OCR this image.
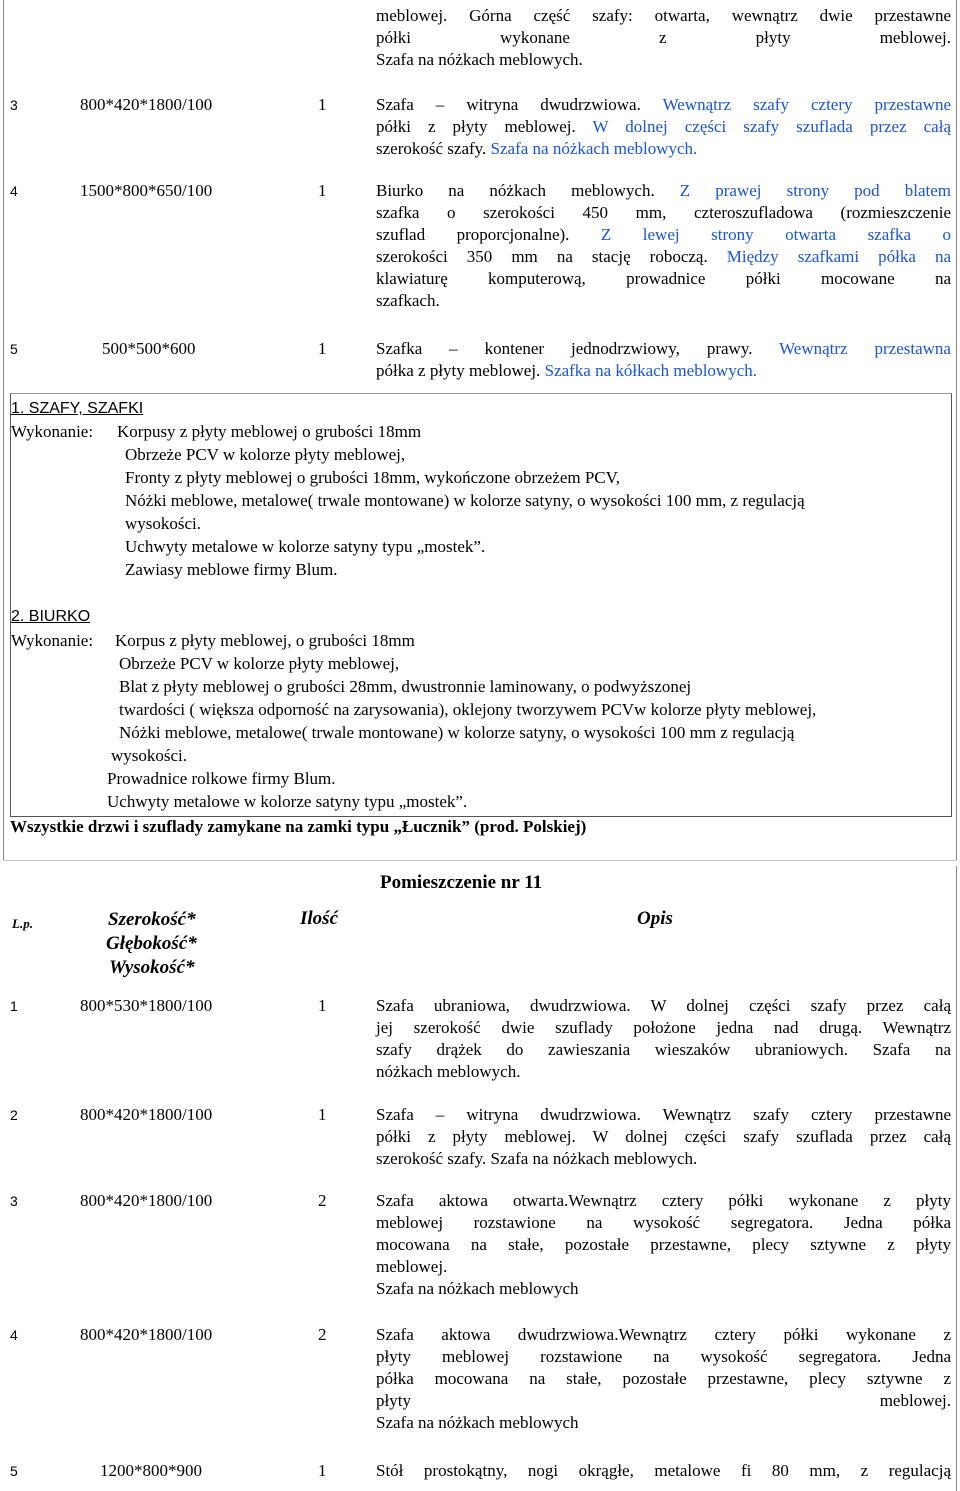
meblowej. Górna część szafy: otwarta, wewnątrz dwie przestawne
półki wykonane z płyty meblowej.
Szafa na nóżkach meblowych.
3	800*420*1800/100	1	Szafa – witryna dwudrzwiowa. Wewnątrz szafy cztery przestawne
półki z płyty meblowej. W dolnej części szafy szuflada przez całą
szerokość szafy. Szafa na nóżkach meblowych.
4	1500*800*650/100	1	Biurko na nóżkach meblowych. Z prawej strony pod blatem
szafka o szerokości 450 mm, czteroszufladowa (rozmieszczenie
szuflad proporcjonalne). Z lewej strony otwarta szafka o
szerokości 350 mm na stację roboczą. Między szafkami półka na
klawiaturę komputerową, prowadnice półki mocowane na
szafkach.
5	500*500*600	1	Szafka – kontener jednodrzwiowy, prawy. Wewnątrz przestawna
półka z płyty meblowej. Szafka na kółkach meblowych.
1. SZAFY, SZAFKI
Wykonanie: Korpusy z płyty meblowej o grubości 18mm
Obrzeże PCV w kolorze płyty meblowej,
Fronty z płyty meblowej o grubości 18mm, wykończone obrzeżem PCV,
Nóżki meblowe, metalowe( trwale montowane) w kolorze satyny, o wysokości 100 mm, z regulacją
wysokości.
Uchwyty metalowe w kolorze satyny typu „mostek”.
Zawiasy meblowe firmy Blum.
2. BIURKO
Wykonanie: Korpus z płyty meblowej, o grubości 18mm
Obrzeże PCV w kolorze płyty meblowej,
Blat z płyty meblowej o grubości 28mm, dwustronnie laminowany, o podwyższonej
twardości ( większa odporność na zarysowania), oklejony tworzywem PCVw kolorze płyty meblowej,
Nóżki meblowe, metalowe( trwale montowane) w kolorze satyny, o wysokości 100 mm z regulacją
wysokości.
Prowadnice rolkowe firmy Blum.
Uchwyty metalowe w kolorze satyny typu „mostek”.
Wszystkie drzwi i szuflady zamykane na zamki typu „Łucznik” (prod. Polskiej)
Pomieszczenie nr 11
L.p.	Szerokość*
Głębokość*
Wysokość*
Ilość	Opis
1	800*530*1800/100	1	Szafa ubraniowa, dwudrzwiowa. W dolnej części szafy przez całą
jej szerokość dwie szuflady położone jedna nad drugą. Wewnątrz
szafy drążek do zawieszania wieszaków ubraniowych. Szafa na
nóżkach meblowych.
2	800*420*1800/100	1	Szafa – witryna dwudrzwiowa. Wewnątrz szafy cztery przestawne
półki z płyty meblowej. W dolnej części szafy szuflada przez całą
szerokość szafy. Szafa na nóżkach meblowych.
3	800*420*1800/100	2	Szafa aktowa otwarta.Wewnątrz cztery półki wykonane z płyty
meblowej rozstawione na wysokość segregatora. Jedna półka
mocowana na stałe, pozostałe przestawne, plecy sztywne z płyty
meblowej.
Szafa na nóżkach meblowych
4	800*420*1800/100	2	Szafa aktowa dwudrzwiowa.Wewnątrz cztery półki wykonane z
płyty meblowej rozstawione na wysokość segregatora. Jedna
półka mocowana na stałe, pozostałe przestawne, plecy sztywne z
płyty meblowej.
Szafa na nóżkach meblowych
5	1200*800*900	1	Stół prostokątny, nogi okrągłe, metalowe fi 80 mm, z regulacją
